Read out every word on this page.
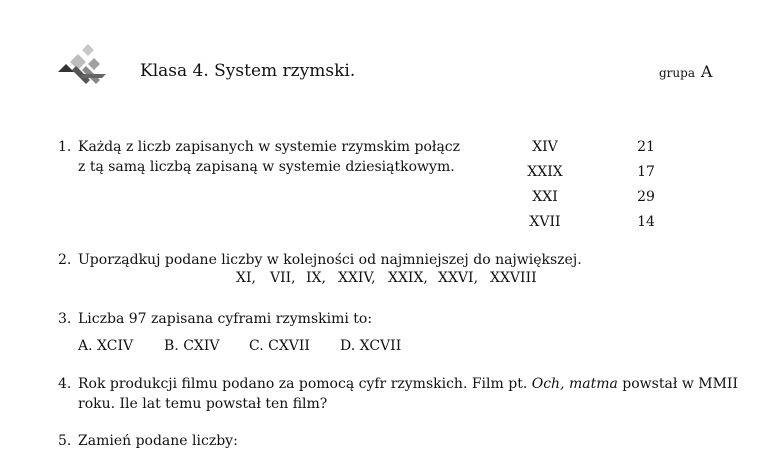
Klasa 4. System rzymski.	grupa A
1. Każdą z liczb zapisanych w systemie rzymskim połącz
z tą samą liczbą zapisaną w systemie dziesiątkowym.
XIV
XXIX
XXI
XVII
21
17
29
14
2. Uporządkuj podane liczby w kolejności od najmniejszej do największej.
XI,	VII, IX, XXIV, XXIX, XXVI, XXVIII
3. Liczba 97 zapisana cyframi rzymskimi to:
A. XCIV B. CXIV C. CXVII D. XCVII
4. Rok produkcji filmu podano za pomocą cyfr rzymskich. Film pt. Och, matma powstał w MMII
roku. Ile lat temu powstał ten film?
5. Zamień podane liczby:
